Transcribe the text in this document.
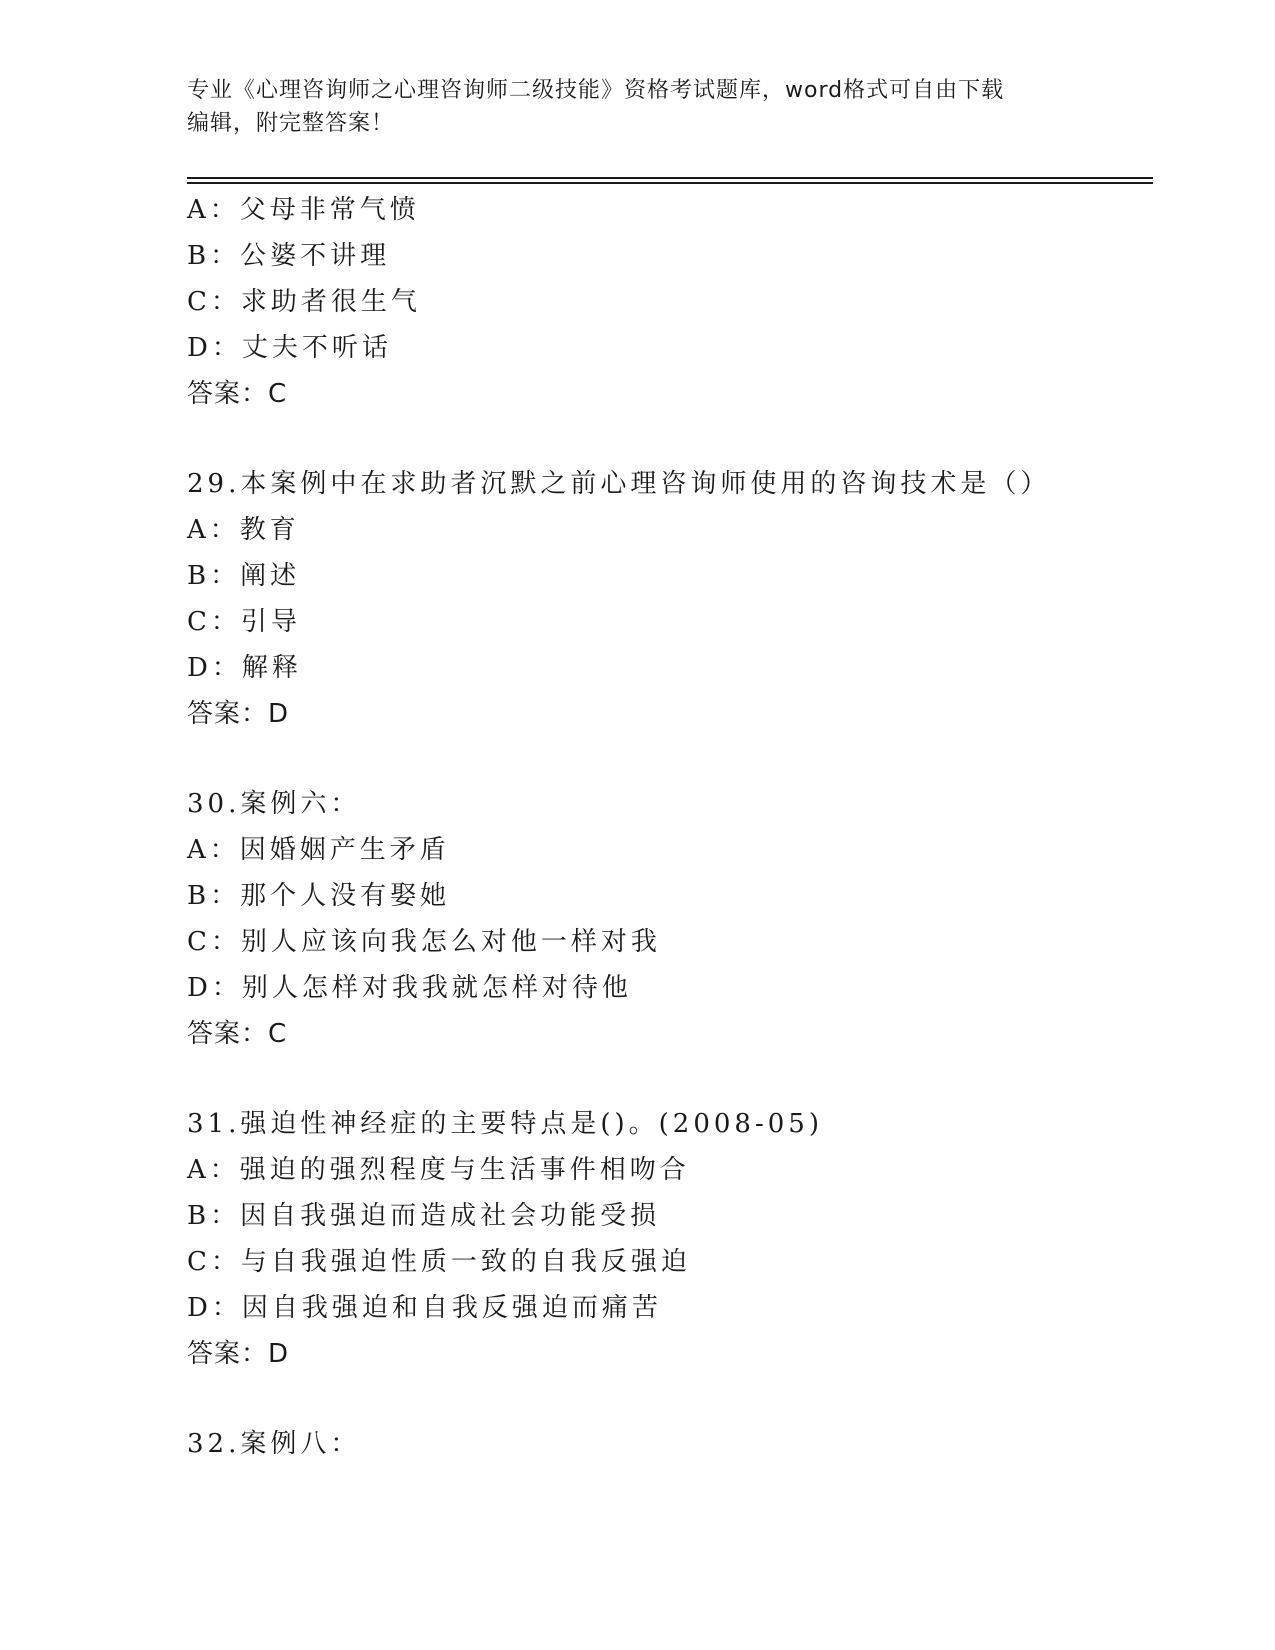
专业《心理咨询师之心理咨询师二级技能》资格考试题库，word格式可自由下载
编辑，附完整答案！
A：父母非常气愤
B：公婆不讲理
C：求助者很生气
D：丈夫不听话
答案：C
29.本案例中在求助者沉默之前心理咨询师使用的咨询技术是（）
A：教育
B：阐述
C：引导
D：解释
答案：D
30.案例六：
A：因婚姻产生矛盾
B：那个人没有娶她
C：别人应该向我怎么对他一样对我
D：别人怎样对我我就怎样对待他
答案：C
31.强迫性神经症的主要特点是()。(2008-05)
A：强迫的强烈程度与生活事件相吻合
B：因自我强迫而造成社会功能受损
C：与自我强迫性质一致的自我反强迫
D：因自我强迫和自我反强迫而痛苦
答案：D
32.案例八：
